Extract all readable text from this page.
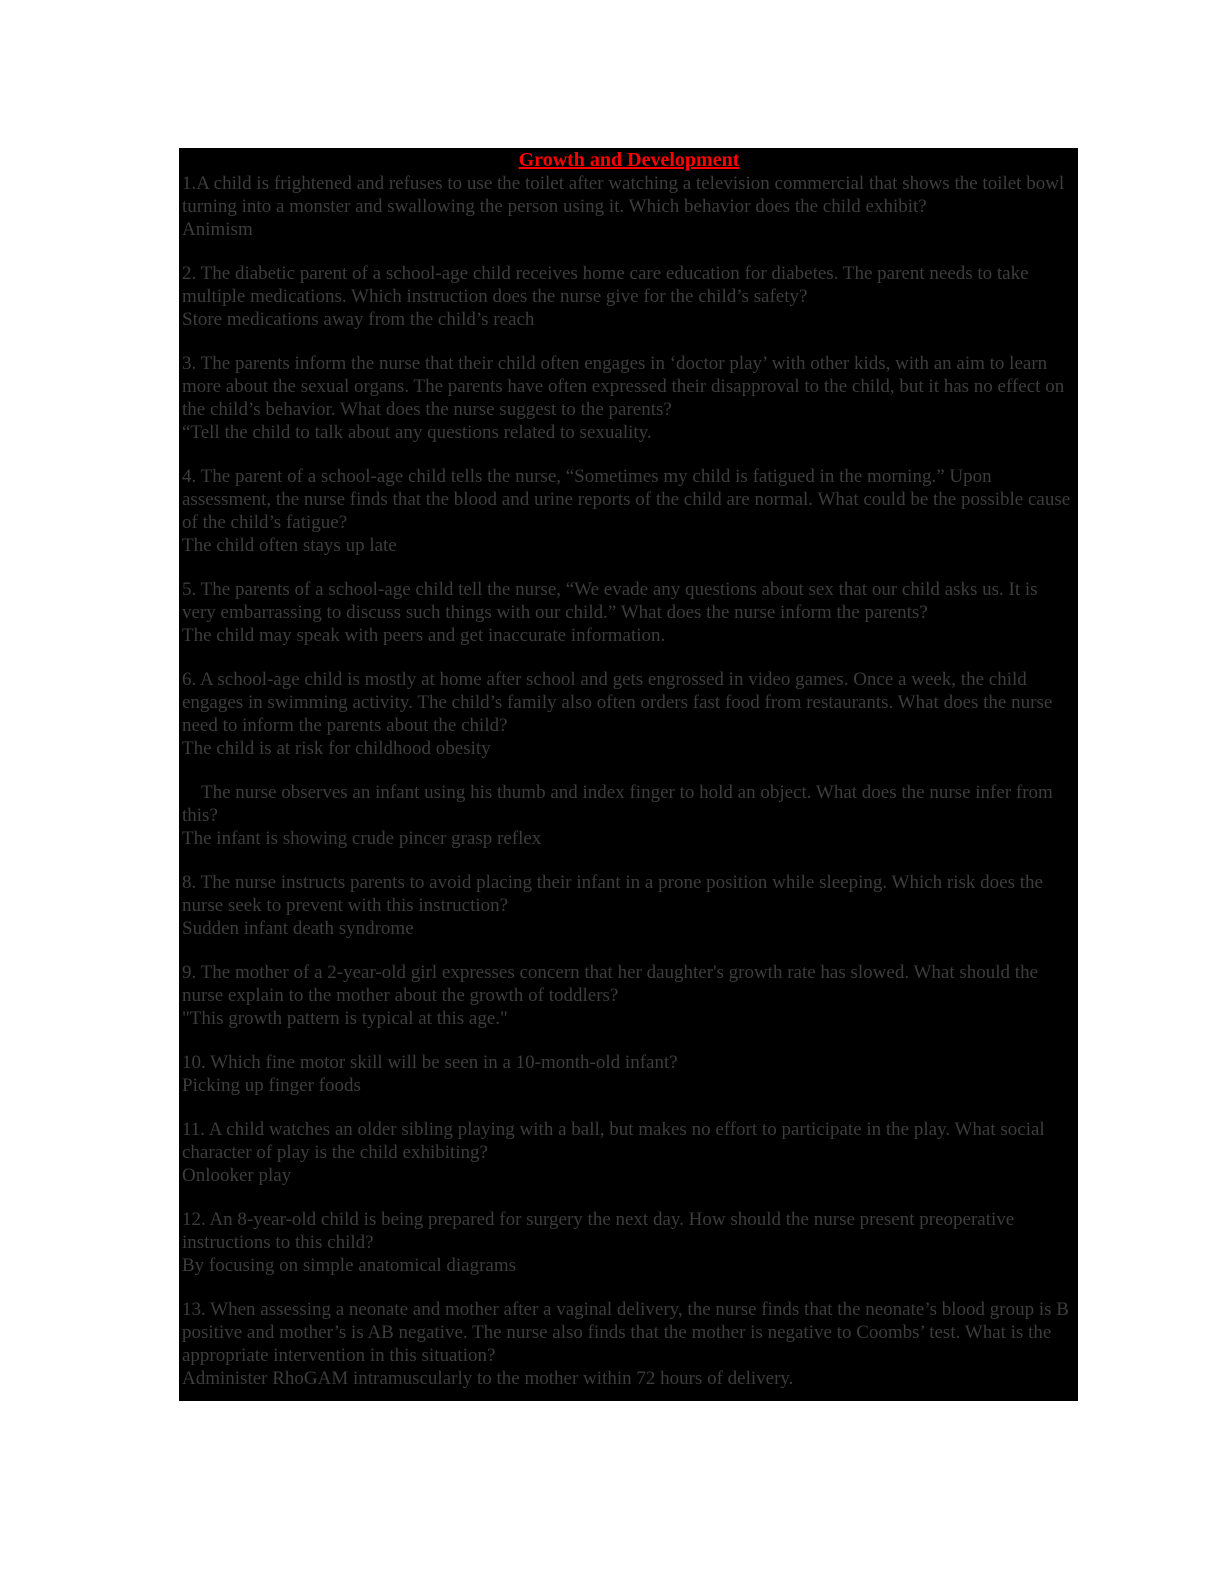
Growth and Development

1.A child is frightened and refuses to use the toilet after watching a television commercial that shows the toilet bowl turning into a monster and swallowing the person using it. Which behavior does the child exhibit?

Animism

2. The diabetic parent of a school-age child receives home care education for diabetes. The parent needs to take multiple medications. Which instruction does the nurse give for the child’s safety?

Store medications away from the child’s reach

3. The parents inform the nurse that their child often engages in ‘doctor play’ with other kids, with an aim to learn more about the sexual organs. The parents have often expressed their disapproval to the child, but it has no effect on the child’s behavior. What does the nurse suggest to the parents?

“Tell the child to talk about any questions related to sexuality.

4. The parent of a school-age child tells the nurse, “Sometimes my child is fatigued in the morning.” Upon assessment, the nurse finds that the blood and urine reports of the child are normal. What could be the possible cause of the child’s fatigue?

The child often stays up late

5. The parents of a school-age child tell the nurse, “We evade any questions about sex that our child asks us. It is very embarrassing to discuss such things with our child.” What does the nurse inform the parents?

The child may speak with peers and get inaccurate information.

6. A school-age child is mostly at home after school and gets engrossed in video games. Once a week, the child engages in swimming activity. The child’s family also often orders fast food from restaurants. What does the nurse need to inform the parents about the child?

The child is at risk for childhood obesity

The nurse observes an infant using his thumb and index finger to hold an object. What does the nurse infer from this?

The infant is showing crude pincer grasp reflex

8. The nurse instructs parents to avoid placing their infant in a prone position while sleeping. Which risk does the nurse seek to prevent with this instruction?

Sudden infant death syndrome

9. The mother of a 2-year-old girl expresses concern that her daughter's growth rate has slowed. What should the nurse explain to the mother about the growth of toddlers?

"This growth pattern is typical at this age."

10. Which fine motor skill will be seen in a 10-month-old infant?

Picking up finger foods

11. A child watches an older sibling playing with a ball, but makes no effort to participate in the play. What social character of play is the child exhibiting?

Onlooker play

12. An 8-year-old child is being prepared for surgery the next day. How should the nurse present preoperative instructions to this child?

By focusing on simple anatomical diagrams

13. When assessing a neonate and mother after a vaginal delivery, the nurse finds that the neonate’s blood group is B positive and mother’s is AB negative. The nurse also finds that the mother is negative to Coombs’ test. What is the appropriate intervention in this situation?

Administer RhoGAM intramuscularly to the mother within 72 hours of delivery.
